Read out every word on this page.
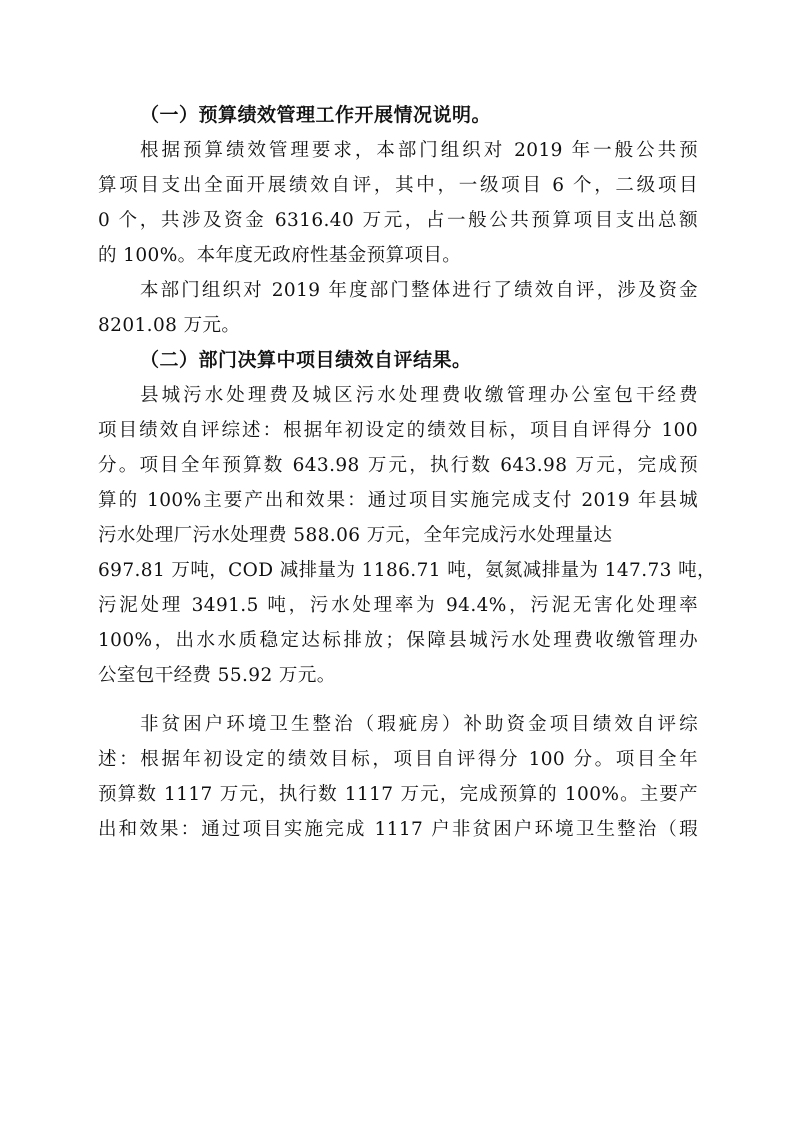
（一）预算绩效管理工作开展情况说明。
根据预算绩效管理要求，本部门组织对 2019 年一般公共预
算项目支出全面开展绩效自评，其中，一级项目 6 个，二级项目
0 个，共涉及资金 6316.40 万元，占一般公共预算项目支出总额
的 100%。本年度无政府性基金预算项目。
本部门组织对 2019 年度部门整体进行了绩效自评，涉及资金
8201.08 万元。
（二）部门决算中项目绩效自评结果。
县城污水处理费及城区污水处理费收缴管理办公室包干经费
项目绩效自评综述：根据年初设定的绩效目标，项目自评得分 100
分。项目全年预算数 643.98 万元，执行数 643.98 万元，完成预
算的 100%主要产出和效果：通过项目实施完成支付 2019 年县城
污水处理厂污水处理费 588.06 万元，全年完成污水处理量达
697.81 万吨，COD 减排量为 1186.71 吨，氨氮减排量为 147.73 吨，
污泥处理 3491.5 吨，污水处理率为 94.4%，污泥无害化处理率
100%，出水水质稳定达标排放；保障县城污水处理费收缴管理办
公室包干经费 55.92 万元。
非贫困户环境卫生整治（瑕疵房）补助资金项目绩效自评综
述：根据年初设定的绩效目标，项目自评得分 100 分。项目全年
预算数 1117 万元，执行数 1117 万元，完成预算的 100%。主要产
出和效果：通过项目实施完成 1117 户非贫困户环境卫生整治（瑕
